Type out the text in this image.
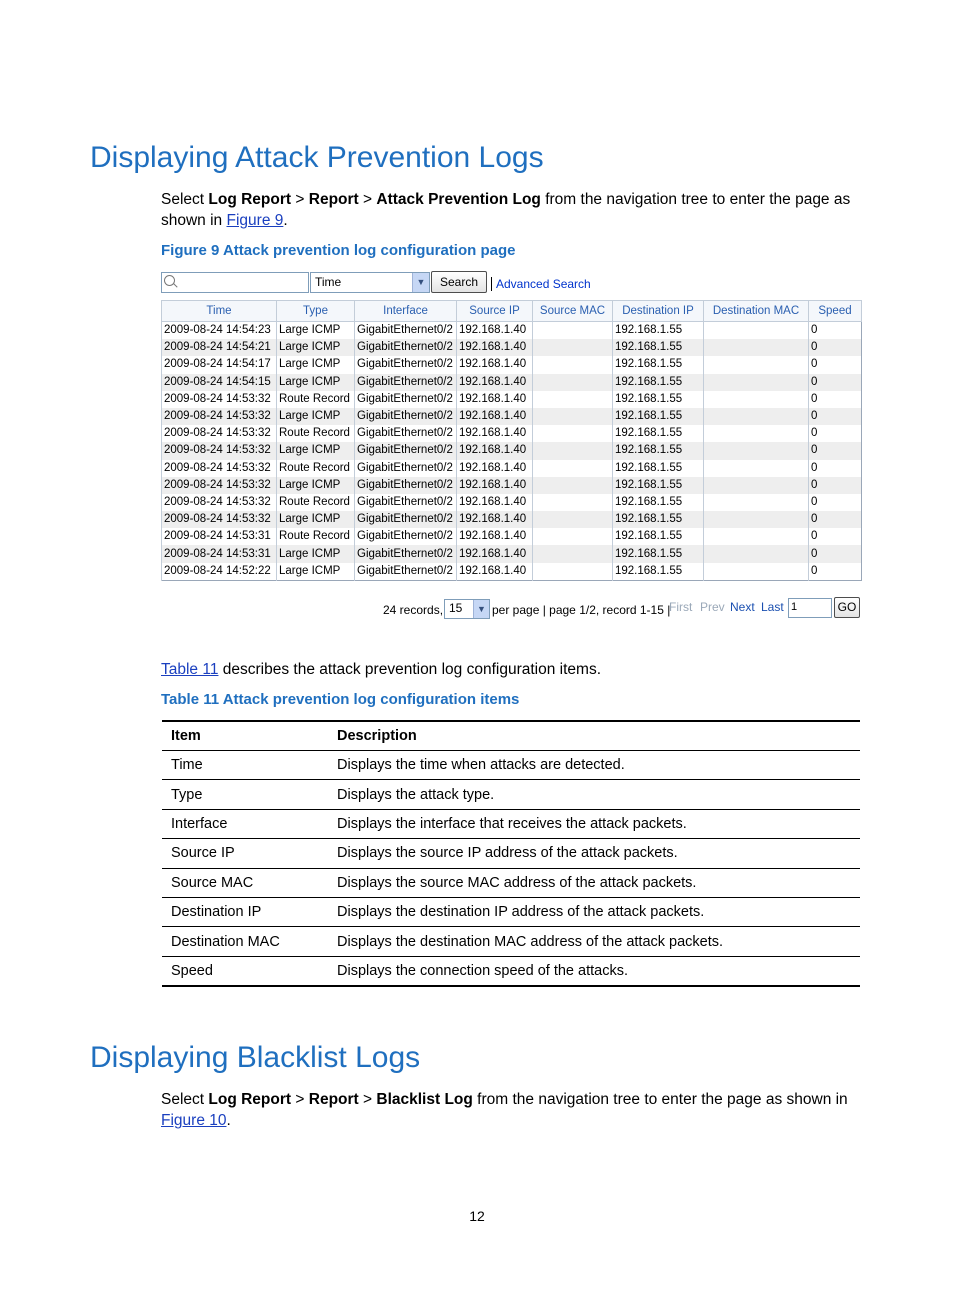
Displaying Attack Prevention Logs
Select Log Report > Report > Attack Prevention Log from the navigation tree to enter the page as shown in Figure 9.
Figure 9 Attack prevention log configuration page
Time	▼	Search	Advanced Search
Time	Type	Interface	Source IP	Source MAC	Destination IP	Destination MAC	Speed
2009-08-24 14:54:23	Large ICMP	GigabitEthernet0/2	192.168.1.40		192.168.1.55		0
2009-08-24 14:54:21	Large ICMP	GigabitEthernet0/2	192.168.1.40		192.168.1.55		0
2009-08-24 14:54:17	Large ICMP	GigabitEthernet0/2	192.168.1.40		192.168.1.55		0
2009-08-24 14:54:15	Large ICMP	GigabitEthernet0/2	192.168.1.40		192.168.1.55		0
2009-08-24 14:53:32	Route Record	GigabitEthernet0/2	192.168.1.40		192.168.1.55		0
2009-08-24 14:53:32	Large ICMP	GigabitEthernet0/2	192.168.1.40		192.168.1.55		0
2009-08-24 14:53:32	Route Record	GigabitEthernet0/2	192.168.1.40		192.168.1.55		0
2009-08-24 14:53:32	Large ICMP	GigabitEthernet0/2	192.168.1.40		192.168.1.55		0
2009-08-24 14:53:32	Route Record	GigabitEthernet0/2	192.168.1.40		192.168.1.55		0
2009-08-24 14:53:32	Large ICMP	GigabitEthernet0/2	192.168.1.40		192.168.1.55		0
2009-08-24 14:53:32	Route Record	GigabitEthernet0/2	192.168.1.40		192.168.1.55		0
2009-08-24 14:53:32	Large ICMP	GigabitEthernet0/2	192.168.1.40		192.168.1.55		0
2009-08-24 14:53:31	Route Record	GigabitEthernet0/2	192.168.1.40		192.168.1.55		0
2009-08-24 14:53:31	Large ICMP	GigabitEthernet0/2	192.168.1.40		192.168.1.55		0
2009-08-24 14:52:22	Large ICMP	GigabitEthernet0/2	192.168.1.40		192.168.1.55		0
24 records, 15	▼ per page | page 1/2, record 1-15 |
First Prev Next Last 1	GO
Table 11 describes the attack prevention log configuration items.
Table 11 Attack prevention log configuration items
Item	Description
Time	Displays the time when attacks are detected.
Type	Displays the attack type.
Interface	Displays the interface that receives the attack packets.
Source IP	Displays the source IP address of the attack packets.
Source MAC	Displays the source MAC address of the attack packets.
Destination IP	Displays the destination IP address of the attack packets.
Destination MAC	Displays the destination MAC address of the attack packets.
Speed	Displays the connection speed of the attacks.
Displaying Blacklist Logs
Select Log Report > Report > Blacklist Log from the navigation tree to enter the page as shown in Figure 10.
12
